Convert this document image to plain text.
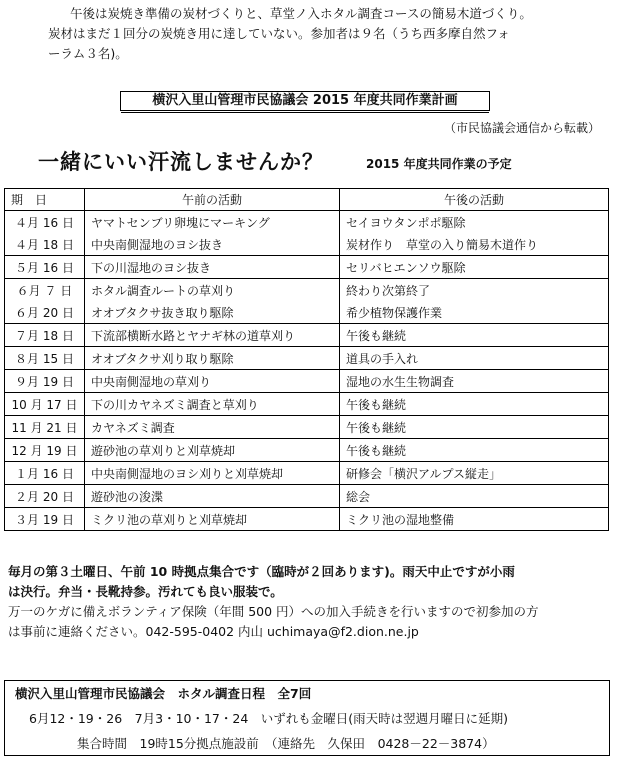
午後は炭焼き準備の炭材づくりと、草堂ノ入ホタル調査コースの簡易木道づくり。

炭材はまだ１回分の炭焼き用に達していない。参加者は９名（うち西多摩自然フォ

ーラム３名)。

横沢入里山管理市民協議会 2015 年度共同作業計画
（市民協議会通信から転載）
一緒にいい汗流しませんか？	2015 年度共同作業の予定
期　日	午前の活動	午後の活動
４月 16 日	ヤマトセンブリ卵塊にマーキング	セイヨウタンポポ駆除
４月 18 日	中央南側湿地のヨシ抜き	炭材作り　草堂の入り簡易木道作り
５月 16 日	下の川湿地のヨシ抜き	セリバヒエンソウ駆除
６月 ７ 日	ホタル調査ルートの草刈り	終わり次第終了
６月 20 日	オオブタクサ抜き取り駆除	希少植物保護作業
７月 18 日	下流部横断水路とヤナギ林の道草刈り	午後も継続
８月 15 日	オオブタクサ刈り取り駆除	道具の手入れ
９月 19 日	中央南側湿地の草刈り	湿地の水生生物調査
10 月 17 日	下の川カヤネズミ調査と草刈り	午後も継続
11 月 21 日	カヤネズミ調査	午後も継続
12 月 19 日	遊砂池の草刈りと刈草焼却	午後も継続
１月 16 日	中央南側湿地のヨシ刈りと刈草焼却	研修会「横沢アルプス縦走」
２月 20 日	遊砂池の浚渫	総会
３月 19 日	ミクリ池の草刈りと刈草焼却	ミクリ池の湿地整備

毎月の第３土曜日、午前 10 時拠点集合です（臨時が２回あります)。雨天中止ですが小雨

は決行。弁当・長靴持参。汚れても良い服装で。

万一のケガに備えボランティア保険（年間 500 円）への加入手続きを行いますので初参加の方

は事前に連絡ください。042-595-0402 内山 uchimaya@f2.dion.ne.jp

横沢入里山管理市民協議会　ホタル調査日程　全7回
6月12・19・26　7月3・10・17・24　いずれも金曜日(雨天時は翌週月曜日に延期)
集合時間　19時15分拠点施設前　（連絡先　久保田　0428－22－3874）
